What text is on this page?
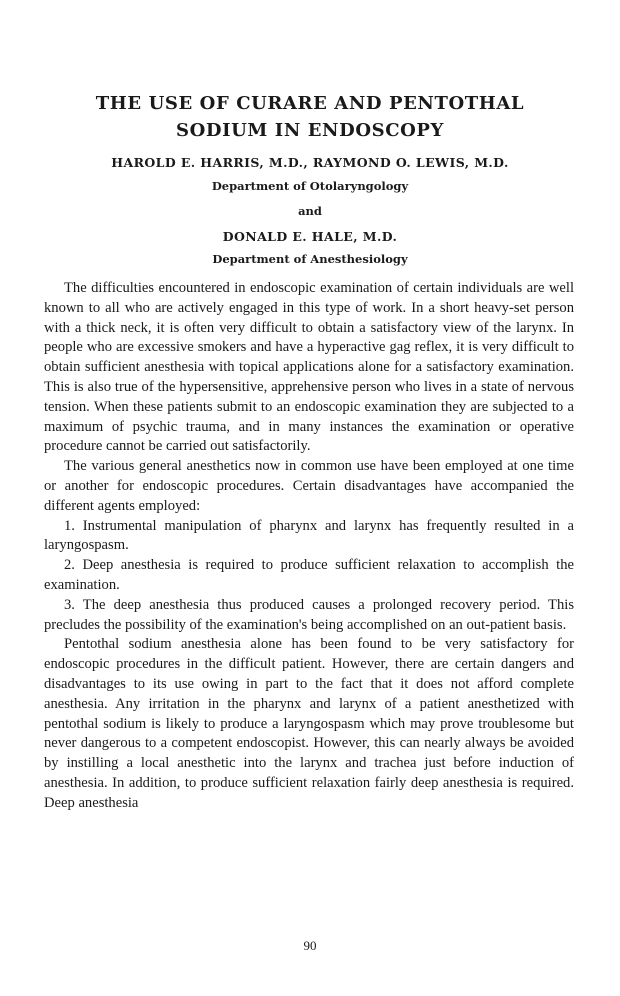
THE USE OF CURARE AND PENTOTHAL
SODIUM IN ENDOSCOPY
HAROLD E. HARRIS, M.D., RAYMOND O. LEWIS, M.D.
Department of Otolaryngology
and
DONALD E. HALE, M.D.
Department of Anesthesiology

The difficulties encountered in endoscopic examination of certain individuals are well known to all who are actively engaged in this type of work. In a short heavy-set person with a thick neck, it is often very difficult to obtain a satisfactory view of the larynx. In people who are excessive smokers and have a hyperactive gag reflex, it is very difficult to obtain sufficient anesthesia with topical applications alone for a satisfactory examination. This is also true of the hypersensitive, apprehensive person who lives in a state of nervous tension. When these patients submit to an endoscopic examination they are subjected to a maximum of psychic trauma, and in many instances the examination or operative procedure cannot be carried out satisfactorily.

The various general anesthetics now in common use have been employed at one time or another for endoscopic procedures. Certain disadvantages have accompanied the different agents employed:

1. Instrumental manipulation of pharynx and larynx has frequently resulted in a laryngospasm.

2. Deep anesthesia is required to produce sufficient relaxation to accomplish the examination.

3. The deep anesthesia thus produced causes a prolonged recovery period. This precludes the possibility of the examination's being accomplished on an out-patient basis.

Pentothal sodium anesthesia alone has been found to be very satisfactory for endoscopic procedures in the difficult patient. However, there are certain dangers and disadvantages to its use owing in part to the fact that it does not afford complete anesthesia. Any irritation in the pharynx and larynx of a patient anesthetized with pentothal sodium is likely to produce a laryngospasm which may prove troublesome but never dangerous to a competent endoscopist. However, this can nearly always be avoided by instilling a local anesthetic into the larynx and trachea just before induction of anesthesia. In addition, to produce sufficient relaxation fairly deep anesthesia is required. Deep anesthesia

90
